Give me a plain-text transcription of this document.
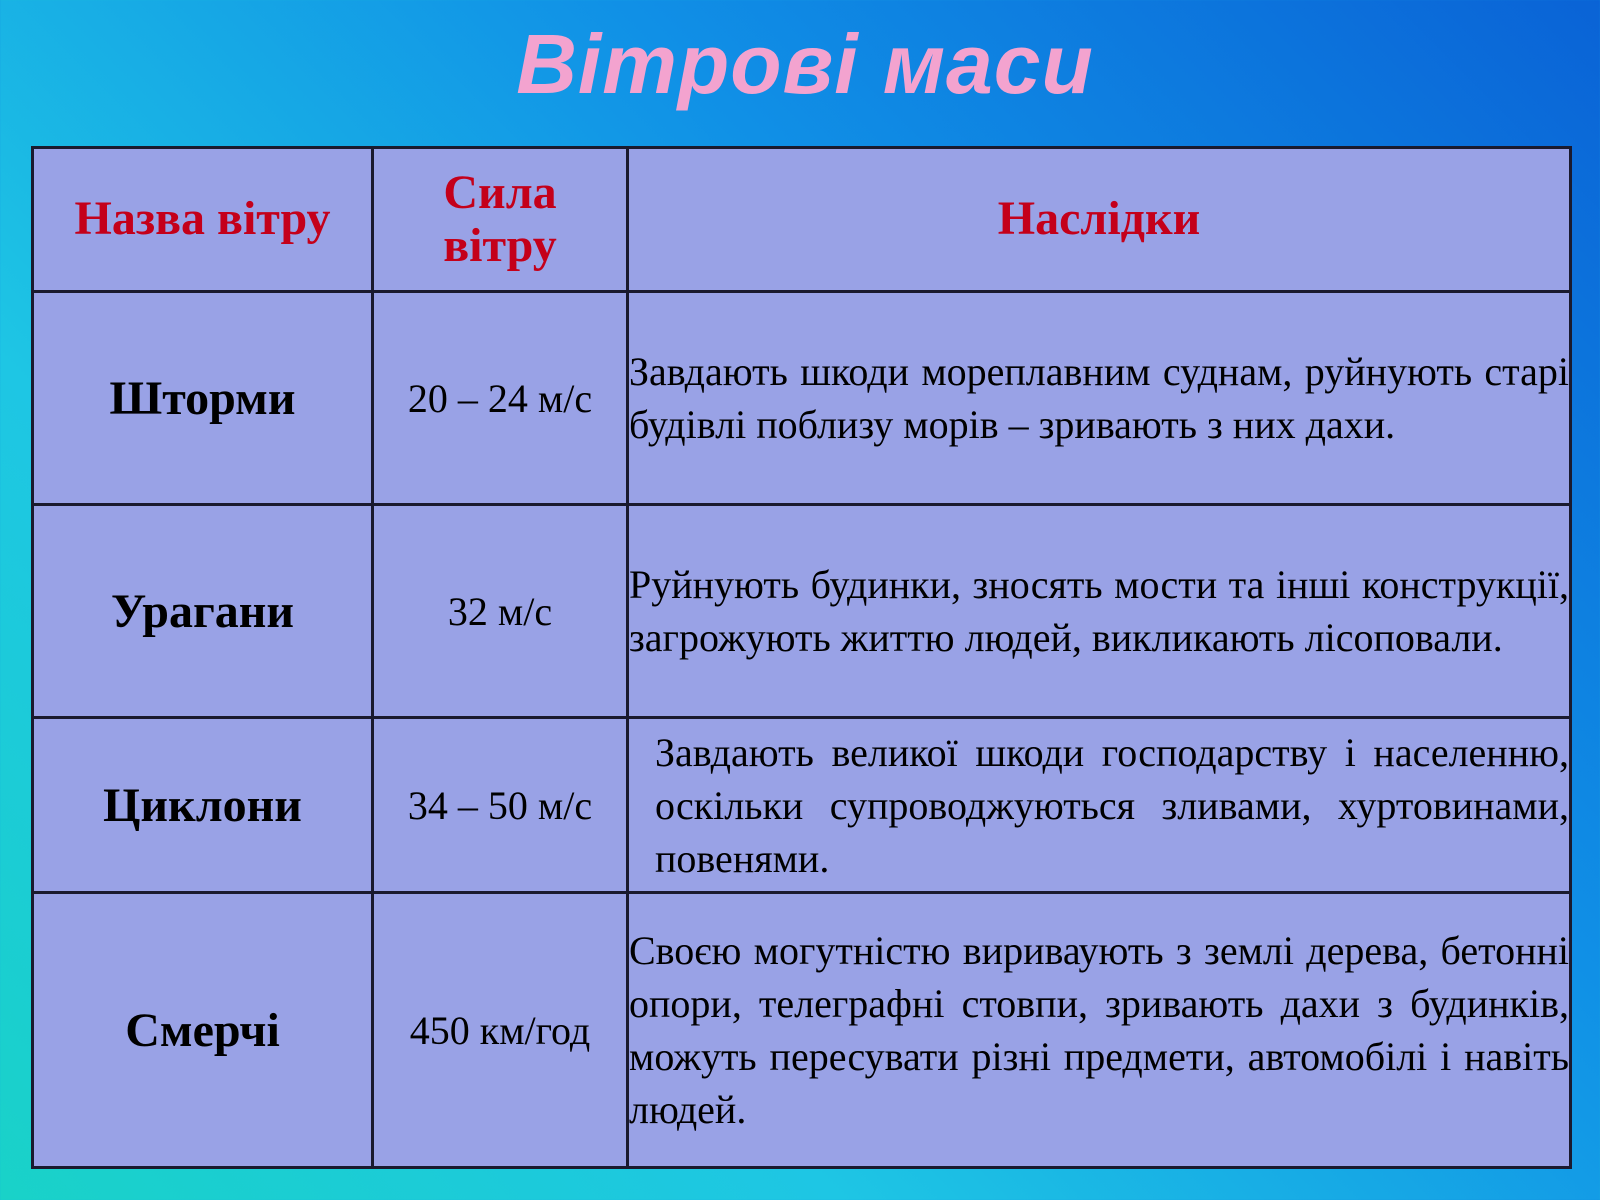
Вітрові маси
Назва вітру	Сила вітру	Наслідки
Шторми	20 – 24 м/с	Завдають шкоди мореплавним суднам, руйнують старі будівлі поблизу морів – зривають з них дахи.
Урагани	32 м/с	Руйнують будинки, зносять мости та інші конструкції, загрожують життю людей, викликають лісоповали.
Циклони	34 – 50 м/с	Завдають великої шкоди господарству і населенню, оскільки супроводжуються зливами, хуртовинами, повенями.
Смерчі	450 км/год	Своєю могутністю вириваують з землі дерева, бетонні опори, телеграфні стовпи, зривають дахи з будинків, можуть пересувати різні предмети, автомобілі і навіть людей.
